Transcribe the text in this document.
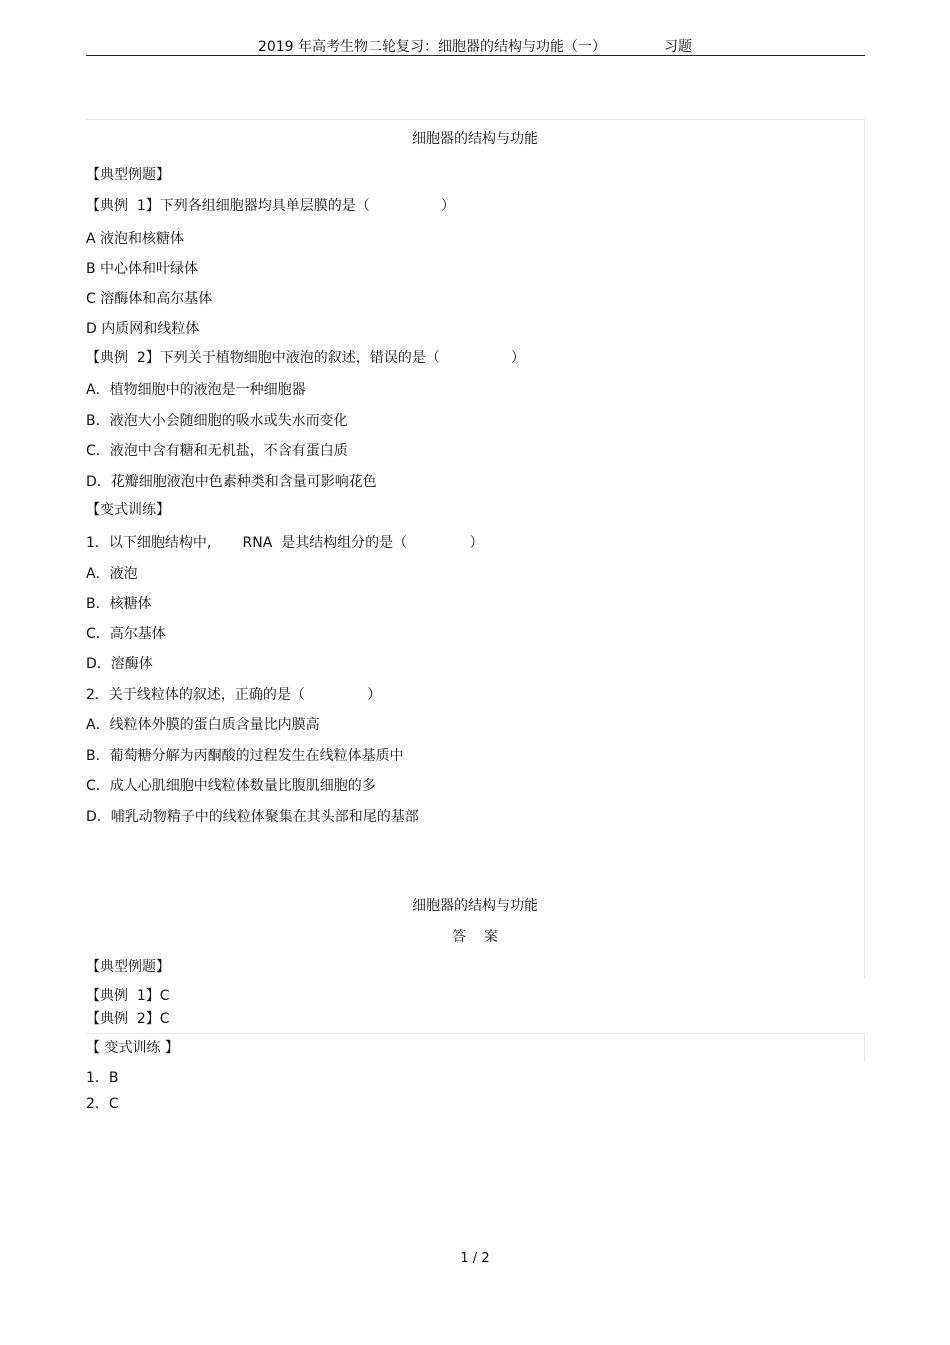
2019 年高考生物二轮复习：细胞器的结构与功能（一）	习题
细胞器的结构与功能
【典型例题】
【典例  1】下列各组细胞器均具单层膜的是（                ）
A 液泡和核糖体
B 中心体和叶绿体
C 溶酶体和高尔基体
D 内质网和线粒体
【典例  2】下列关于植物细胞中液泡的叙述，错误的是（                ）
A．植物细胞中的液泡是一种细胞器
B．液泡大小会随细胞的吸水或失水而变化
C．液泡中含有糖和无机盐，不含有蛋白质
D．花瓣细胞液泡中色素种类和含量可影响花色
【变式训练】
1．以下细胞结构中,       RNA  是其结构组分的是（              ）
A．液泡
B．核糖体
C．高尔基体
D．溶酶体
2．关于线粒体的叙述，正确的是（              ）
A．线粒体外膜的蛋白质含量比内膜高
B．葡萄糖分解为丙酮酸的过程发生在线粒体基质中
C．成人心肌细胞中线粒体数量比腹肌细胞的多
D．哺乳动物精子中的线粒体聚集在其头部和尾的基部
细胞器的结构与功能
答    案
【典型例题】
【典例  1】C
【典例  2】C
【 变式训练 】
1．B
2．C
1 / 2
